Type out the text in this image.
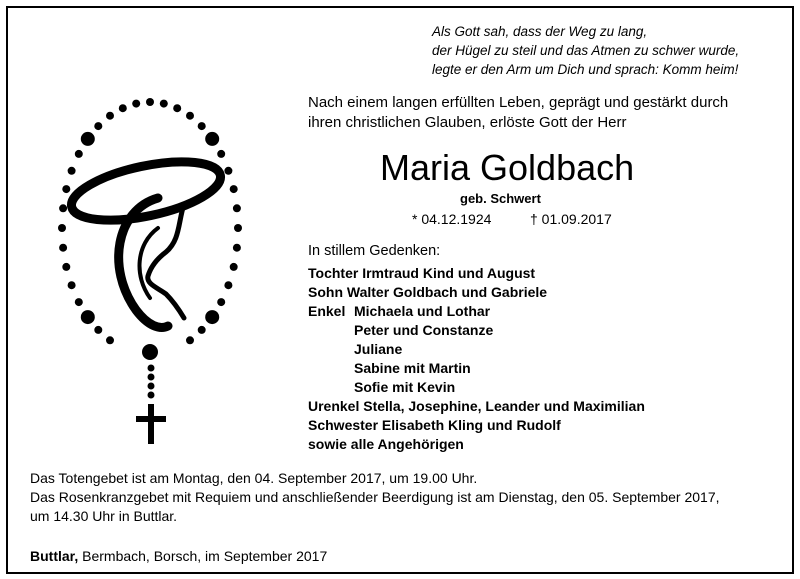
Als Gott sah, dass der Weg zu lang,
der Hügel zu steil und das Atmen zu schwer wurde,
legte er den Arm um Dich und sprach: Komm heim!
Nach einem langen erfüllten Leben, geprägt und gestärkt durch
ihren christlichen Glauben, erlöste Gott der Herr
Maria Goldbach
geb. Schwert
* 04.12.1924	† 01.09.2017
In stillem Gedenken:
Tochter Irmtraud Kind und August
Sohn Walter Goldbach und Gabriele
Enkel Michaela und Lothar
Peter und Constanze
Juliane
Sabine mit Martin
Sofie mit Kevin
Urenkel Stella, Josephine, Leander und Maximilian
Schwester Elisabeth Kling und Rudolf
sowie alle Angehörigen
Das Totengebet ist am Montag, den 04. September 2017, um 19.00 Uhr.
Das Rosenkranzgebet mit Requiem und anschließender Beerdigung ist am Dienstag, den 05. September 2017,
um 14.30 Uhr in Buttlar.
Buttlar, Bermbach, Borsch, im September 2017
